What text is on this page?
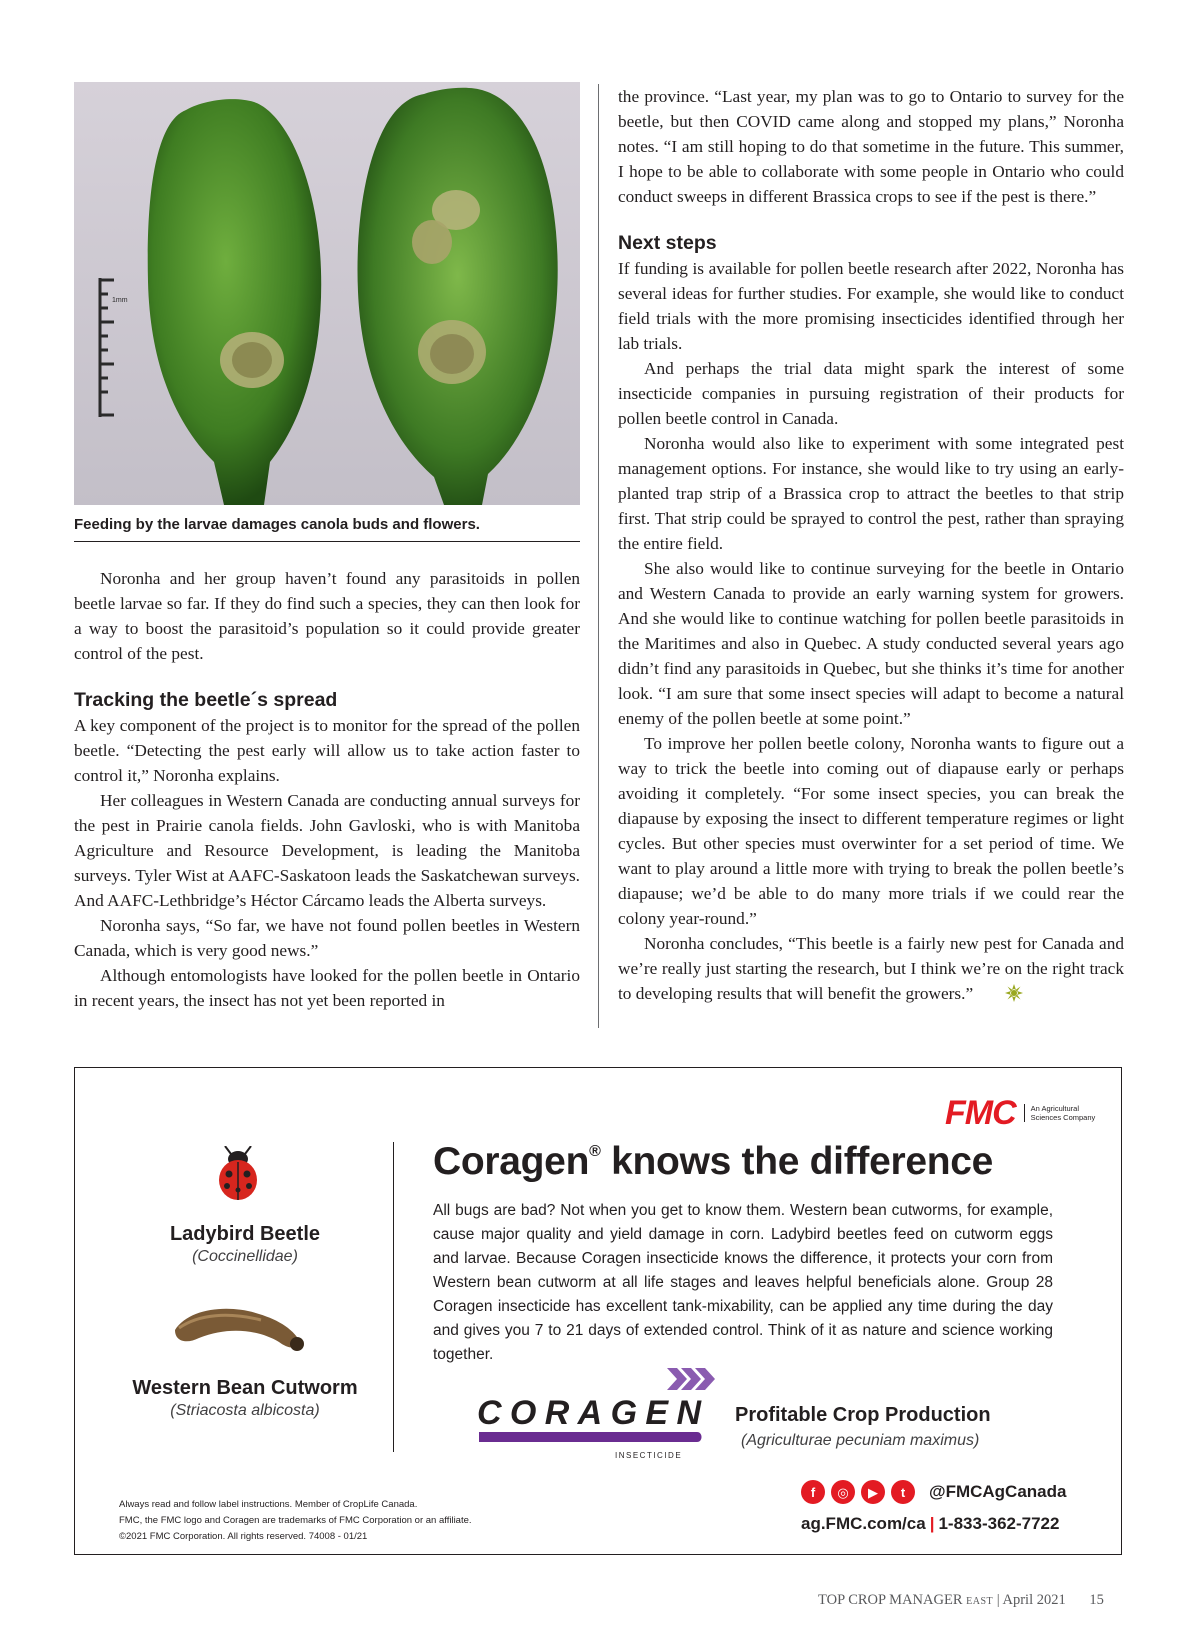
1mm
Feeding by the larvae damages canola buds and flowers.

Noronha and her group haven’t found any parasitoids in pollen beetle larvae so far. If they do find such a species, they can then look for a way to boost the parasitoid’s population so it could provide greater control of the pest.

Tracking the beetle´s spread

A key component of the project is to monitor for the spread of the pollen beetle. “Detecting the pest early will allow us to take action faster to control it,” Noronha explains.

Her colleagues in Western Canada are conducting annual surveys for the pest in Prairie canola fields. John Gavloski, who is with Manitoba Agriculture and Resource Development, is leading the Manitoba surveys. Tyler Wist at AAFC-Saskatoon leads the Saskatchewan surveys. And AAFC-Lethbridge’s Héctor Cárcamo leads the Alberta surveys.

Noronha says, “So far, we have not found pollen beetles in Western Canada, which is very good news.”

Although entomologists have looked for the pollen beetle in Ontario in recent years, the insect has not yet been reported in

the province. “Last year, my plan was to go to Ontario to survey for the beetle, but then COVID came along and stopped my plans,” Noronha notes. “I am still hoping to do that sometime in the future. This summer, I hope to be able to collaborate with some people in Ontario who could conduct sweeps in different Brassica crops to see if the pest is there.”

Next steps

If funding is available for pollen beetle research after 2022, Noronha has several ideas for further studies. For example, she would like to conduct field trials with the more promising insecticides identified through her lab trials.

And perhaps the trial data might spark the interest of some insecticide companies in pursuing registration of their products for pollen beetle control in Canada.

Noronha would also like to experiment with some integrated pest management options. For instance, she would like to try using an early-planted trap strip of a Brassica crop to attract the beetles to that strip first. That strip could be sprayed to control the pest, rather than spraying the entire field.

She also would like to continue surveying for the beetle in Ontario and Western Canada to provide an early warning system for growers. And she would like to continue watching for pollen beetle parasitoids in the Maritimes and also in Quebec. A study conducted several years ago didn’t find any parasitoids in Quebec, but she thinks it’s time for another look. “I am sure that some insect species will adapt to become a natural enemy of the pollen beetle at some point.”

To improve her pollen beetle colony, Noronha wants to figure out a way to trick the beetle into coming out of diapause early or perhaps avoiding it completely. “For some insect species, you can break the diapause by exposing the insect to different temperature regimes or light cycles. But other species must overwinter for a set period of time. We want to play around a little more with trying to break the pollen beetle’s diapause; we’d be able to do many more trials if we could rear the colony year-round.”

Noronha concludes, “This beetle is a fairly new pest for Canada and we’re really just starting the research, but I think we’re on the right track to developing results that will benefit the growers.”

FMC	An Agricultural Sciences Company
Ladybird Beetle
(Coccinellidae)
Western Bean Cutworm
(Striacosta albicosta)
Coragen® knows the difference
All bugs are bad? Not when you get to know them. Western bean cutworms, for example, cause major quality and yield damage in corn. Ladybird beetles feed on cutworm eggs and larvae. Because Coragen insecticide knows the difference, it protects your corn from Western bean cutworm at all life stages and leaves helpful beneficials alone. Group 28 Coragen insecticide has excellent tank-mixability, can be applied any time during the day and gives you 7 to 21 days of extended control. Think of it as nature and science working together.
CORAGEN
INSECTICIDE
Profitable Crop Production
(Agriculturae pecuniam maximus)
Always read and follow label instructions. Member of CropLife Canada.
FMC, the FMC logo and Coragen are trademarks of FMC Corporation or an affiliate.
©2021 FMC Corporation. All rights reserved. 74008 - 01/21
f	◎	▶	t	@FMCAgCanada
ag.FMC.com/ca | 1-833-362-7722
TOP CROP MANAGER EAST | April 2021 15
